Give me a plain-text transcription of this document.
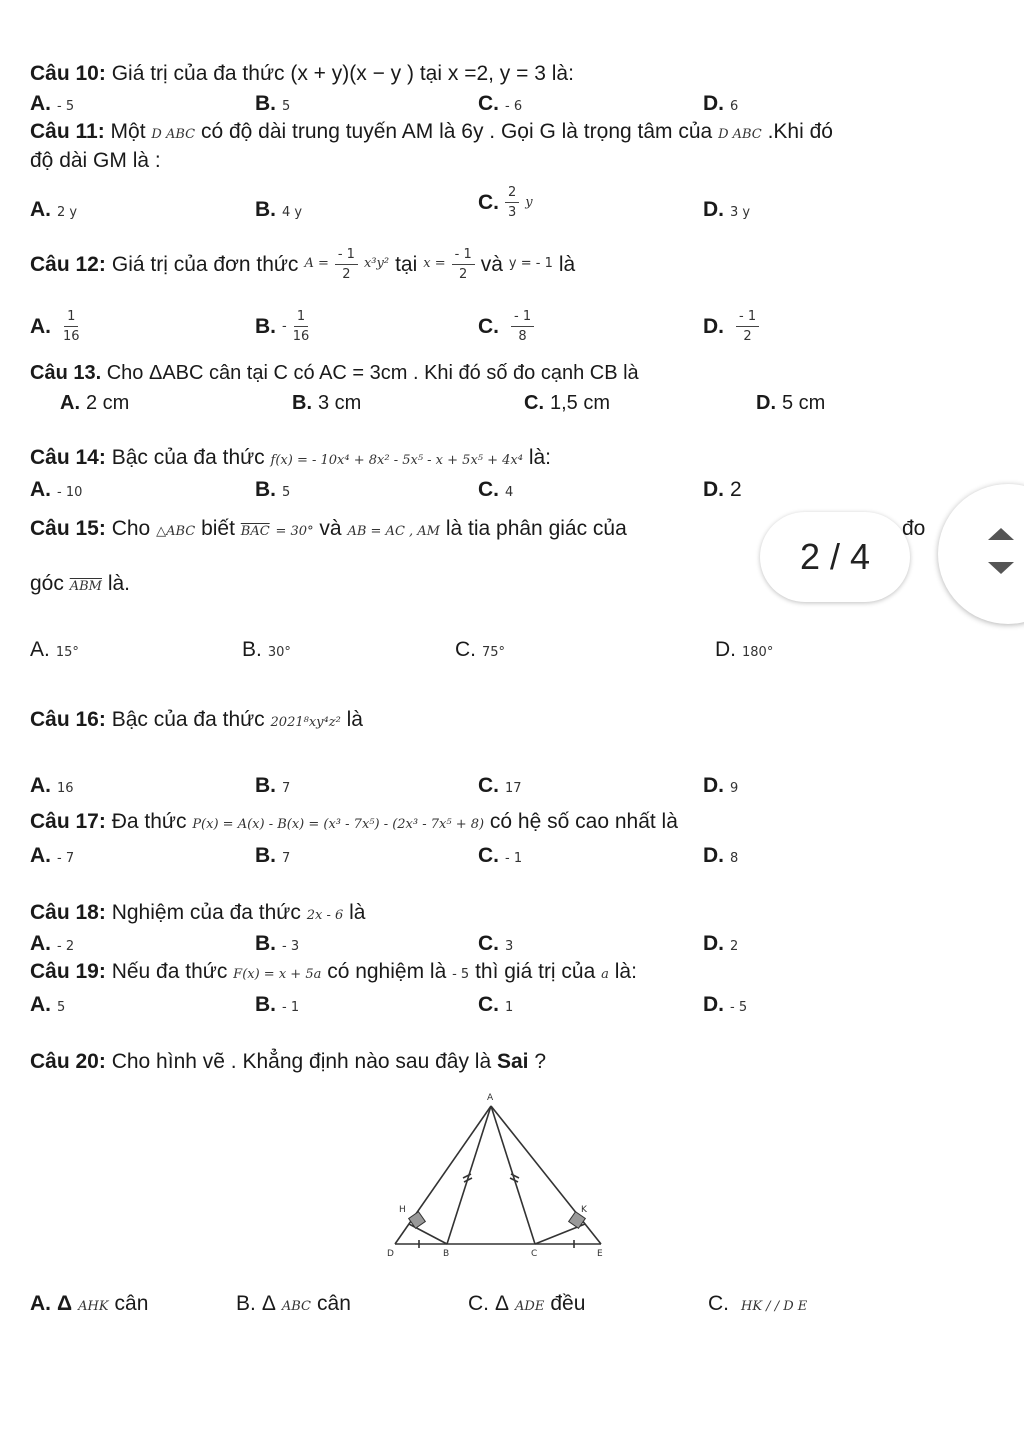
Câu 10: Giá trị của đa thức (x + y)(x − y ) tại x =2, y = 3 là:
A. - 5	B. 5	C. - 6	D. 6
Câu 11: Một D ABC có độ dài trung tuyến AM là 6y . Gọi G là trọng tâm của D ABC .Khi đó
độ dài GM là :
A. 2 y	B. 4 y	C. $\frac{2}{3}$ y	D. 3 y
Câu 12: Giá trị của đơn thức $A = \frac{- 1}{2} x^3y^2$ tại $x = \frac{- 1}{2}$ và y = - 1 là
A. $\frac{1}{16}$	B. - $\frac{1}{16}$	C. $\frac{- 1}{8}$	D. $\frac{- 1}{2}$
Câu 13. Cho ΔABC cân tại C có AC = 3cm . Khi đó số đo cạnh CB là
A. 2 cm	B. 3 cm	C. 1,5 cm	D. 5 cm
Câu 14: Bậc của đa thức f(x) = - 10x⁴ + 8x² - 5x⁵ - x + 5x⁵ + 4x⁴ là:
A. - 10	B. 5	C. 4	D. 2
Câu 15: Cho △ABC biết $\overline{BAC} = 30^\circ$ và AB = AC , AM là tia phân giác của	đo
góc $\overline{ABM}$ là.
A. 15°	B. 30°	C. 75°	D. 180°
Câu 16: Bậc của đa thức 2021⁸xy⁴z² là
A. 16	B. 7	C. 17	D. 9
Câu 17: Đa thức P(x) = A(x) - B(x) = (x³ - 7x⁵) - (2x³ - 7x⁵ + 8) có hệ số cao nhất là
A. - 7	B. 7	C. - 1	D. 8
Câu 18: Nghiệm của đa thức 2x - 6 là
A. - 2	B. - 3	C. 3	D. 2
Câu 19: Nếu đa thức F(x) = x + 5a có nghiệm là - 5 thì giá trị của a là:
A. 5	B. - 1	C. 1	D. - 5
Câu 20: Cho hình vẽ . Khẳng định nào sau đây là Sai ?
A
H	K
D	B	C	E
A. Δ AHK cân	B. Δ ABC cân	C. Δ ADE đều	C. HK / / D E
2 / 4
